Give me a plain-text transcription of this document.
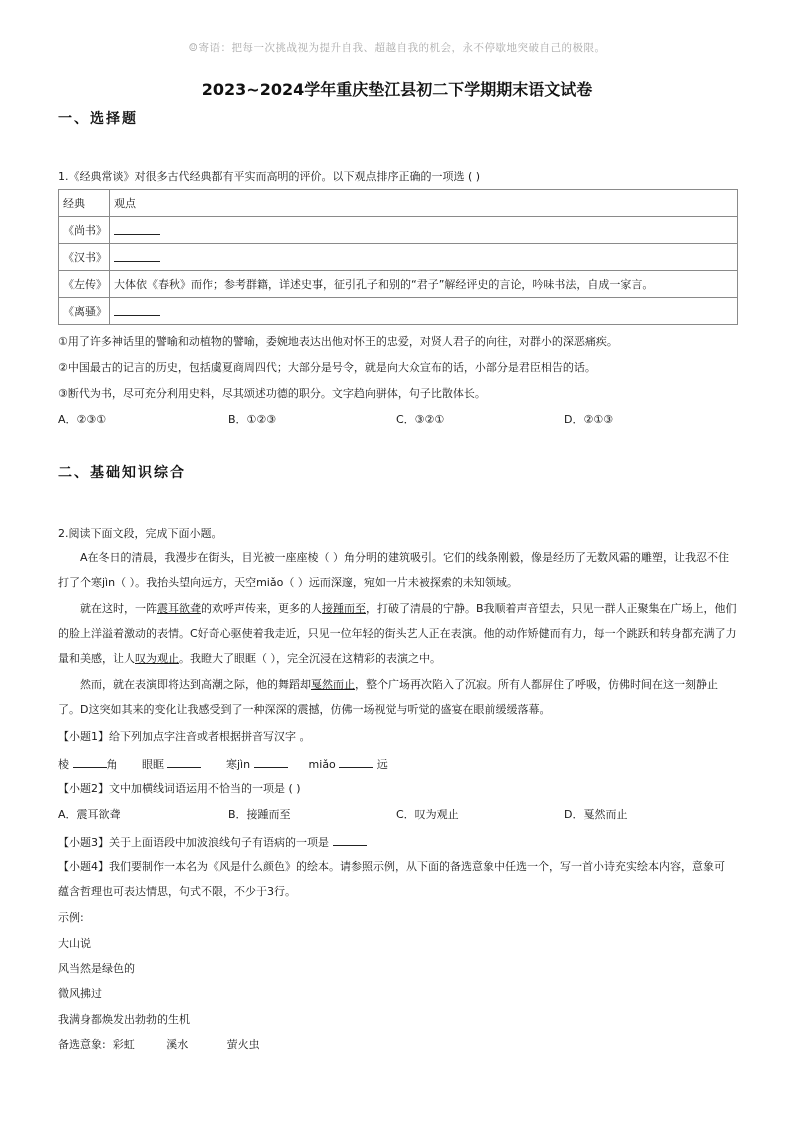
☺寄语：把每一次挑战视为提升自我、超越自我的机会，永不停歇地突破自己的极限。
2023~2024学年重庆垫江县初二下学期期末语文试卷
一、选择题
1.《经典常谈》对很多古代经典都有平实而高明的评价。以下观点排序正确的一项选 ( )
经典	观点
《尚书》	
《汉书》	
《左传》	大体依《春秋》而作；参考群籍，详述史事，征引孔子和别的“君子”解经评史的言论，吟味书法，自成一家言。
《离骚》	
①用了许多神话里的譬喻和动植物的譬喻，委婉地表达出他对怀王的忠爱，对贤人君子的向往，对群小的深恶痛疾。
②中国最古的记言的历史，包括虞夏商周四代；大部分是号令，就是向大众宣布的话，小部分是君臣相告的话。
③断代为书，尽可充分利用史料，尽其颂述功德的职分。文字趋向骈体，句子比散体长。
A．②③①	B．①②③	C．③②①	D．②①③
二、基础知识综合
2.阅读下面文段，完成下面小题。
A在冬日的清晨，我漫步在街头，目光被一座座棱（ ）角分明的建筑吸引。它们的线条刚毅，像是经历了无数风霜的雕塑，让我忍不住打了个寒jìn（ ）。我抬头望向远方，天空miǎo（ ）远而深邃，宛如一片未被探索的未知领域。
就在这时，一阵震耳欲聋的欢呼声传来，更多的人接踵而至，打破了清晨的宁静。B我顺着声音望去，只见一群人正聚集在广场上，他们的脸上洋溢着激动的表情。C好奇心驱使着我走近，只见一位年轻的街头艺人正在表演。他的动作矫健而有力，每一个跳跃和转身都充满了力量和美感，让人叹为观止。我瞪大了眼眶（ ），完全沉浸在这精彩的表演之中。
然而，就在表演即将达到高潮之际，他的舞蹈却戛然而止，整个广场再次陷入了沉寂。所有人都屏住了呼吸，仿佛时间在这一刻静止了。D这突如其来的变化让我感受到了一种深深的震撼，仿佛一场视觉与听觉的盛宴在眼前缓缓落幕。
【小题1】给下列加点字注音或者根据拼音写汉字 。
棱	角 眼眶	寒jìn	miǎo	远
【小题2】文中加横线词语运用不恰当的一项是 ( )
A．震耳欲聋	B．接踵而至	C．叹为观止	D．戛然而止
【小题3】关于上面语段中加波浪线句子有语病的一项是
【小题4】我们要制作一本名为《风是什么颜色》的绘本。请参照示例，从下面的备选意象中任选一个，写一首小诗充实绘本内容，意象可
蕴含哲理也可表达情思，句式不限，不少于3行。
示例:
大山说
风当然是绿色的
微风拂过
我满身都焕发出勃勃的生机
备选意象: 彩虹	溪水	萤火虫
